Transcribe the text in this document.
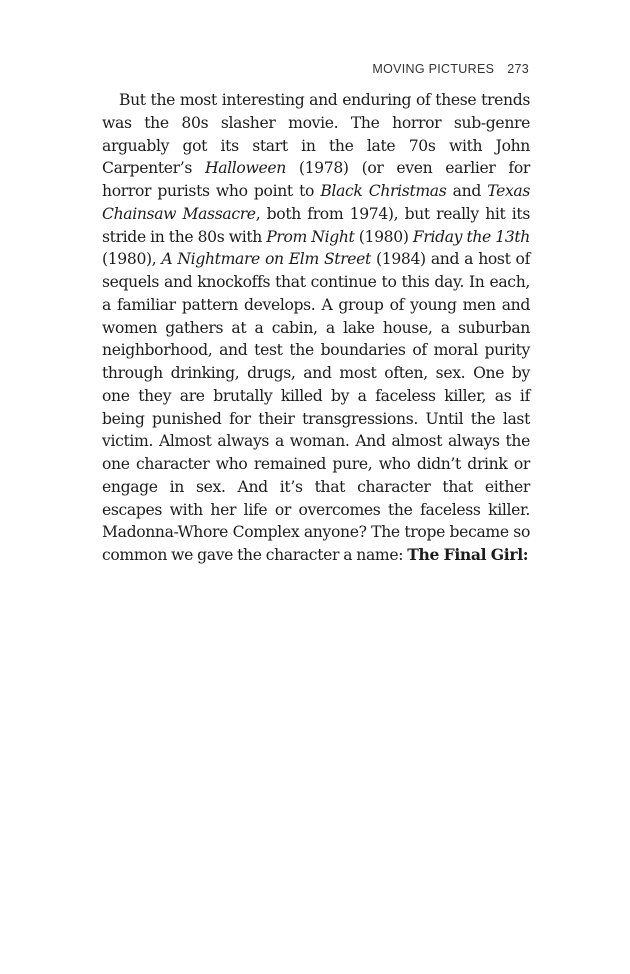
MOVING PICTURES 273

But the most interesting and enduring of these trends was the 80s slasher movie. The horror sub-genre arguably got its start in the late 70s with John Carpenter’s Halloween (1978) (or even earlier for horror purists who point to Black Christmas and Texas Chainsaw Massacre, both from 1974), but really hit its stride in the 80s with Prom Night (1980) Friday the 13th (1980), A Nightmare on Elm Street (1984) and a host of sequels and knockoffs that continue to this day. In each, a familiar pattern develops. A group of young men and women gathers at a cabin, a lake house, a suburban neighborhood, and test the boundaries of moral purity through drinking, drugs, and most often, sex. One by one they are brutally killed by a faceless killer, as if being punished for their transgressions. Until the last victim. Almost always a woman. And almost always the one character who remained pure, who didn’t drink or engage in sex. And it’s that character that either escapes with her life or overcomes the faceless killer. Madonna-Whore Complex anyone? The trope became so common we gave the character a name: The Final Girl:
